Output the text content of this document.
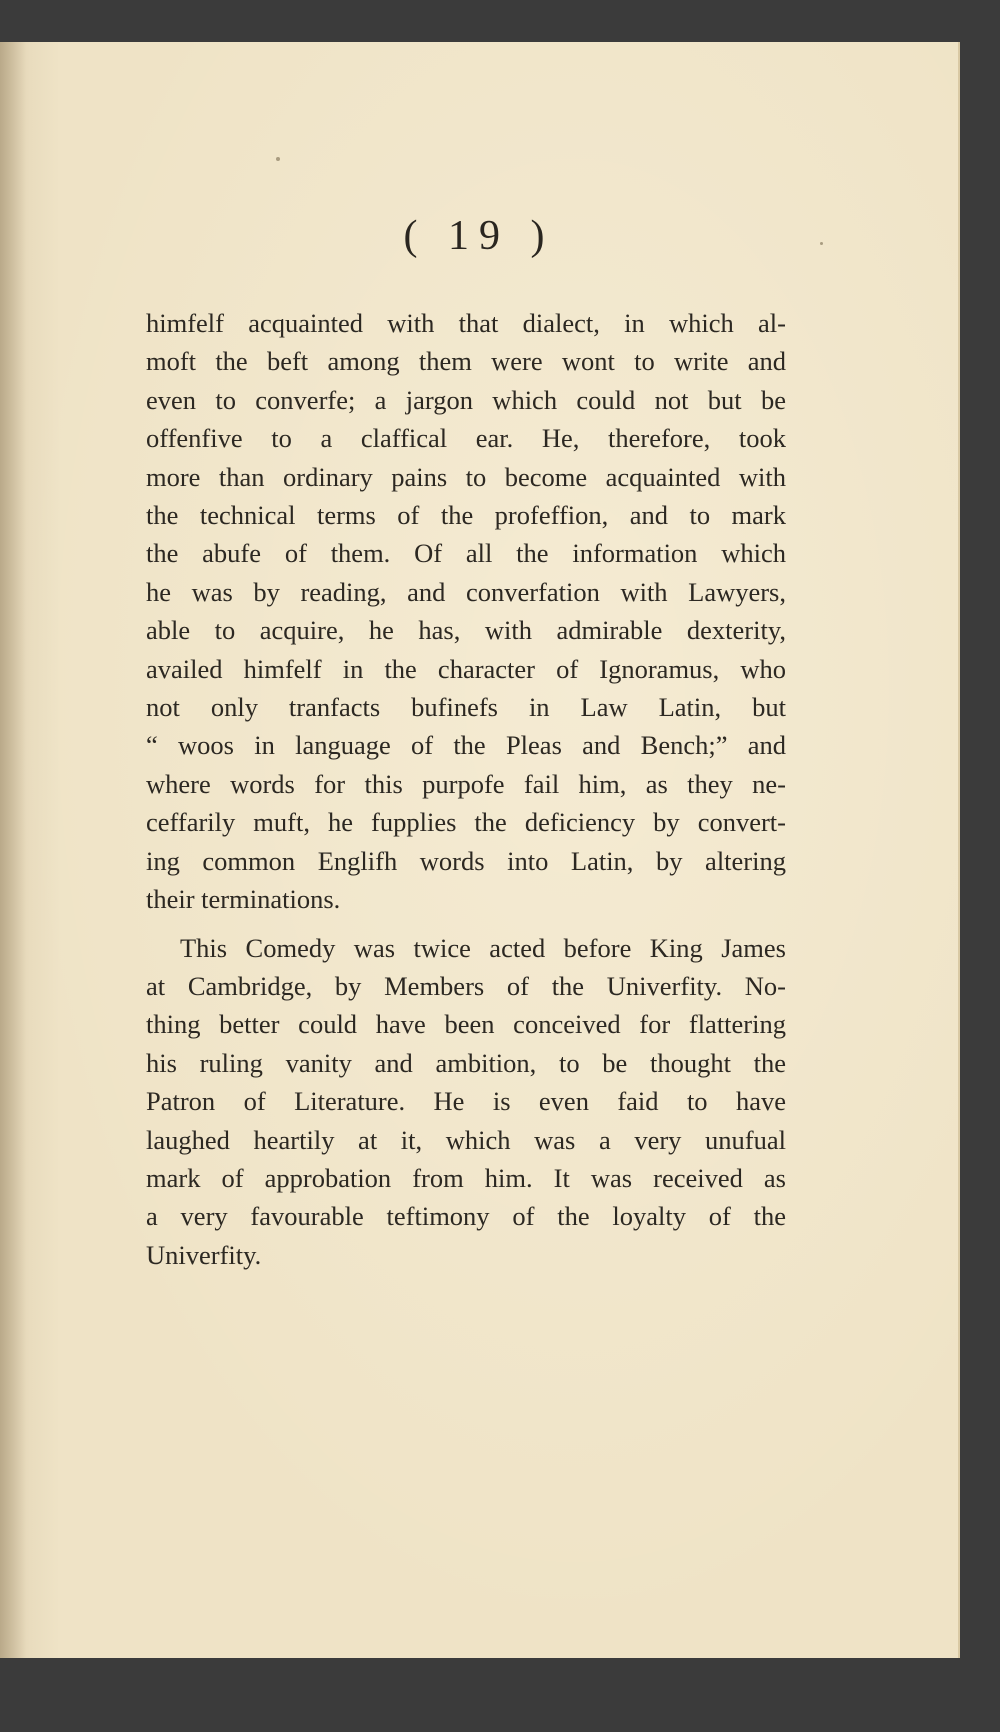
( 19 )
himfelf acquainted with that dialect, in which al-
moft the beft among them were wont to write and
even to converfe; a jargon which could not but be
offenfive to a claffical ear. He, therefore, took
more than ordinary pains to become acquainted with
the technical terms of the profeffion, and to mark
the abufe of them. Of all the information which
he was by reading, and converfation with Lawyers,
able to acquire, he has, with admirable dexterity,
availed himfelf in the character of Ignoramus, who
not only tranfacts bufinefs in Law Latin, but
“ woos in language of the Pleas and Bench;” and
where words for this purpofe fail him, as they ne-
ceffarily muft, he fupplies the deficiency by convert-
ing common Englifh words into Latin, by altering
their terminations.
This Comedy was twice acted before King James
at Cambridge, by Members of the Univerfity. No-
thing better could have been conceived for flattering
his ruling vanity and ambition, to be thought the
Patron of Literature. He is even faid to have
laughed heartily at it, which was a very unufual
mark of approbation from him. It was received as
a very favourable teftimony of the loyalty of the
Univerfity.
